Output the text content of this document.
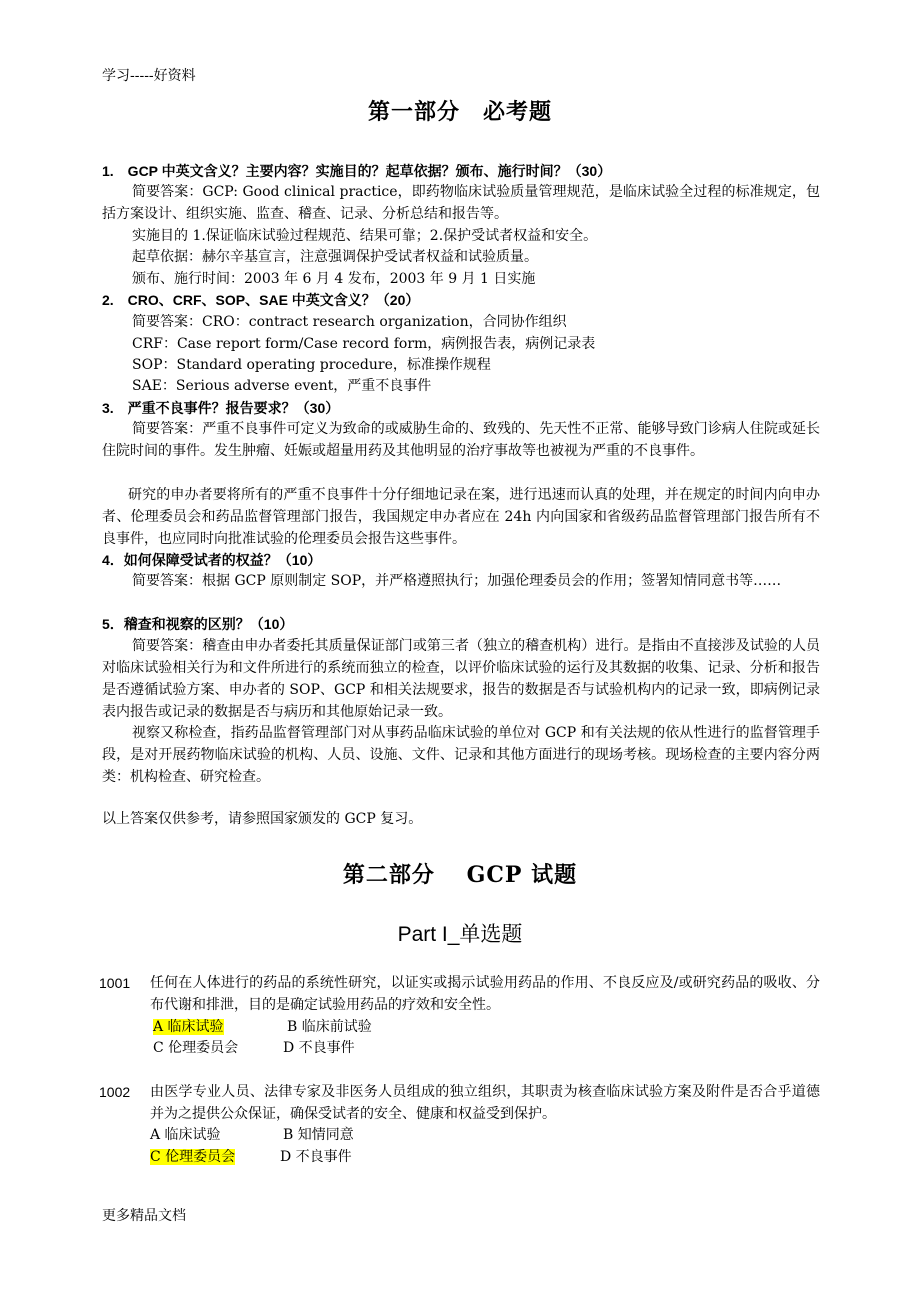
学习-----好资料
第一部分　必考题
1.　GCP 中英文含义？主要内容？实施目的？起草依据？颁布、施行时间？（30）
简要答案：GCP: Good clinical practice，即药物临床试验质量管理规范，是临床试验全过程的标准规定，包括方案设计、组织实施、监查、稽查、记录、分析总结和报告等。
实施目的 1.保证临床试验过程规范、结果可靠；2.保护受试者权益和安全。
起草依据：赫尔辛基宣言，注意强调保护受试者权益和试验质量。
颁布、施行时间：2003 年 6 月 4 发布，2003 年 9 月 1 日实施
2.　CRO、CRF、SOP、SAE 中英文含义？（20）
简要答案：CRO：contract research organization，合同协作组织
CRF：Case report form/Case record form，病例报告表，病例记录表
SOP：Standard operating procedure，标准操作规程
SAE：Serious adverse event，严重不良事件
3.　严重不良事件？报告要求？（30）
简要答案：严重不良事件可定义为致命的或威胁生命的、致残的、先天性不正常、能够导致门诊病人住院或延长住院时间的事件。发生肿瘤、妊娠或超量用药及其他明显的治疗事故等也被视为严重的不良事件。
研究的申办者要将所有的严重不良事件十分仔细地记录在案，进行迅速而认真的处理，并在规定的时间内向申办者、伦理委员会和药品监督管理部门报告，我国规定申办者应在 24h 内向国家和省级药品监督管理部门报告所有不良事件，也应同时向批准试验的伦理委员会报告这些事件。
4．如何保障受试者的权益？（10）
简要答案：根据 GCP 原则制定 SOP，并严格遵照执行；加强伦理委员会的作用；签署知情同意书等……
5．稽查和视察的区别？（10）
简要答案：稽查由申办者委托其质量保证部门或第三者（独立的稽查机构）进行。是指由不直接涉及试验的人员对临床试验相关行为和文件所进行的系统而独立的检查，以评价临床试验的运行及其数据的收集、记录、分析和报告是否遵循试验方案、申办者的 SOP、GCP 和相关法规要求，报告的数据是否与试验机构内的记录一致，即病例记录表内报告或记录的数据是否与病历和其他原始记录一致。
视察又称检查，指药品监督管理部门对从事药品临床试验的单位对 GCP 和有关法规的依从性进行的监督管理手段，是对开展药物临床试验的机构、人员、设施、文件、记录和其他方面进行的现场考核。现场检查的主要内容分两类：机构检查、研究检查。
以上答案仅供参考，请参照国家颁发的 GCP 复习。
第二部分　 GCP 试题
Part I_单选题
1001 任何在人体进行的药品的系统性研究，以证实或揭示试验用药品的作用、不良反应及/或研究药品的吸收、分布代谢和排泄，目的是确定试验用药品的疗效和安全性。
A 临床试验	B 临床前试验
C 伦理委员会	D 不良事件
1002 由医学专业人员、法律专家及非医务人员组成的独立组织，其职责为核查临床试验方案及附件是否合乎道德并为之提供公众保证，确保受试者的安全、健康和权益受到保护。
A 临床试验	B 知情同意
C 伦理委员会	D 不良事件
更多精品文档
